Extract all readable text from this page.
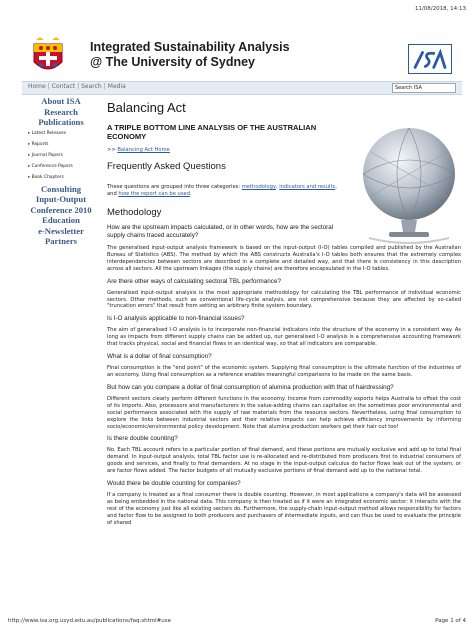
11/08/2018, 14:13
Integrated Sustainability Analysis
@ The University of Sydney
Home | Contact | Search | Media	Search ISA
About ISA
Research
Publications
▸ Latest Releases
▸ Reports
▸ Journal Papers
▸ Conference Papers
▸ Book Chapters
Consulting
Input-Output
Conference 2010
Education
e-Newsletter
Partners
Balancing Act
A TRIPLE BOTTOM LINE ANALYSIS OF THE AUSTRALIAN ECONOMY
>> Balancing Act Home
Frequently Asked Questions
These questions are grouped into three categories: methodology, indicators and results, and how the report can be used.
Methodology
How are the upstream impacts calculated, or in other words, how are the sectoral supply chains traced accurately?
The generalised input-output analysis framework is based on the input-output (I-O) tables compiled and published by the Australian Bureau of Statistics (ABS). The method by which the ABS constructs Australia's I-O tables both ensures that the extremely complex interdependencies between sectors are described in a complete and detailed way, and that there is consistency in this description across all sectors. All the upstream linkages (the supply chains) are therefore encapsulated in the I-O tables.
Are there other ways of calculating sectoral TBL performance?
Generalised input-output analysis is the most appropriate methodology for calculating the TBL performance of individual economic sectors. Other methods, such as conventional life-cycle analysis, are not comprehensive because they are affected by so-called "truncation errors" that result from setting an arbitrary finite system boundary.
Is I-O analysis applicable to non-financial issues?
The aim of generalised I-O analysis is to incorporate non-financial indicators into the structure of the economy in a consistent way. As long as impacts from different supply chains can be added up, our generalised I-O analysis is a comprehensive accounting framework that tracks physical, social and financial flows in an identical way, so that all indicators are comparable.
What is a dollar of final consumption?
Final consumption is the "end point" of the economic system. Supplying final consumption is the ultimate function of the industries of an economy. Using final consumption as a reference enables meaningful comparisons to be made on the same basis.
But how can you compare a dollar of final consumption of alumina production with that of hairdressing?
Different sectors clearly perform different functions in the economy. Income from commodity exports helps Australia to offset the cost of its imports. Also, processors and manufacturers in the value-adding chains can capitalise on the sometimes poor environmental and social performance associated with the supply of raw materials from the resource sectors. Nevertheless, using final consumption to explore the links between industrial sectors and their relative impacts can help achieve efficiency improvements by informing socio/economic/environmental policy development. Note that alumina production workers get their hair cut too!
Is there double counting?
No. Each TBL account refers to a particular portion of final demand, and these portions are mutually exclusive and add up to total final demand. In input-output analysis, total TBL factor use is re-allocated and re-distributed from producers first to industrial consumers of goods and services, and finally to final demanders. At no stage in the input-output calculus do factor flows leak out of the system, or are factor flows added. The factor budgets of all mutually exclusive portions of final demand add up to the national total.
Would there be double counting for companies?
If a company is treated as a final consumer there is double counting. However, in most applications a company's data will be assessed as being embedded in the national data. This company is then treated as if it were an integrated economic sector: it interacts with the rest of the economy just like all existing sectors do. Furthermore, the supply-chain input-output method allows responsibility for factors and factor flow to be assigned to both producers and purchasers of intermediate inputs, and can thus be used to evaluate the principle of shared
http://www.isa.org.usyd.edu.au/publications/faq.shtml#use	Page 1 of 4
